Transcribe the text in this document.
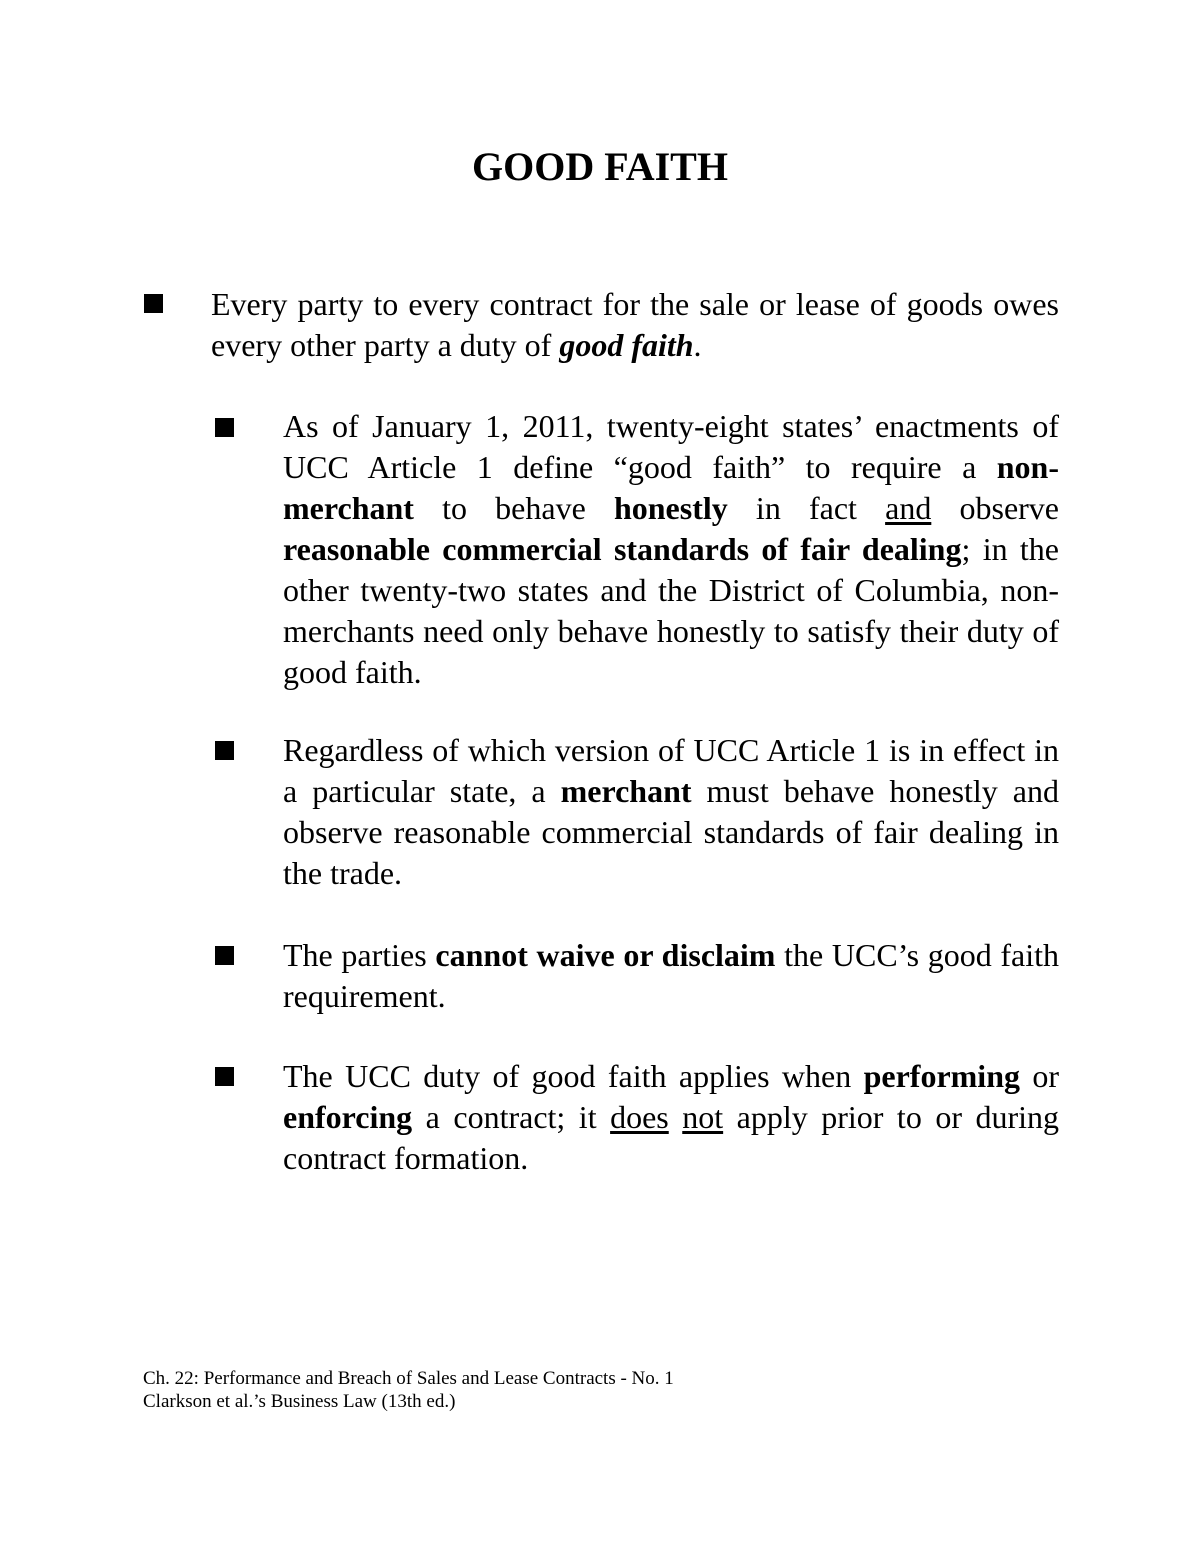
GOOD FAITH

Every party to every contract for the sale or lease of goods owes every other party a duty of good faith.

As of January 1, 2011, twenty-eight states’ enactments of UCC Article 1 define “good faith” to require a non-merchant to behave honestly in fact and observe reasonable commercial standards of fair dealing; in the other twenty-two states and the District of Columbia, non-merchants need only behave honestly to satisfy their duty of good faith.

Regardless of which version of UCC Article 1 is in effect in a particular state, a merchant must behave honestly and observe reasonable commercial standards of fair dealing in the trade.

The parties cannot waive or disclaim the UCC’s good faith requirement.

The UCC duty of good faith applies when performing or enforcing a contract; it does not apply prior to or during contract formation.

Ch. 22: Performance and Breach of Sales and Lease Contracts - No. 1
Clarkson et al.’s Business Law (13th ed.)
